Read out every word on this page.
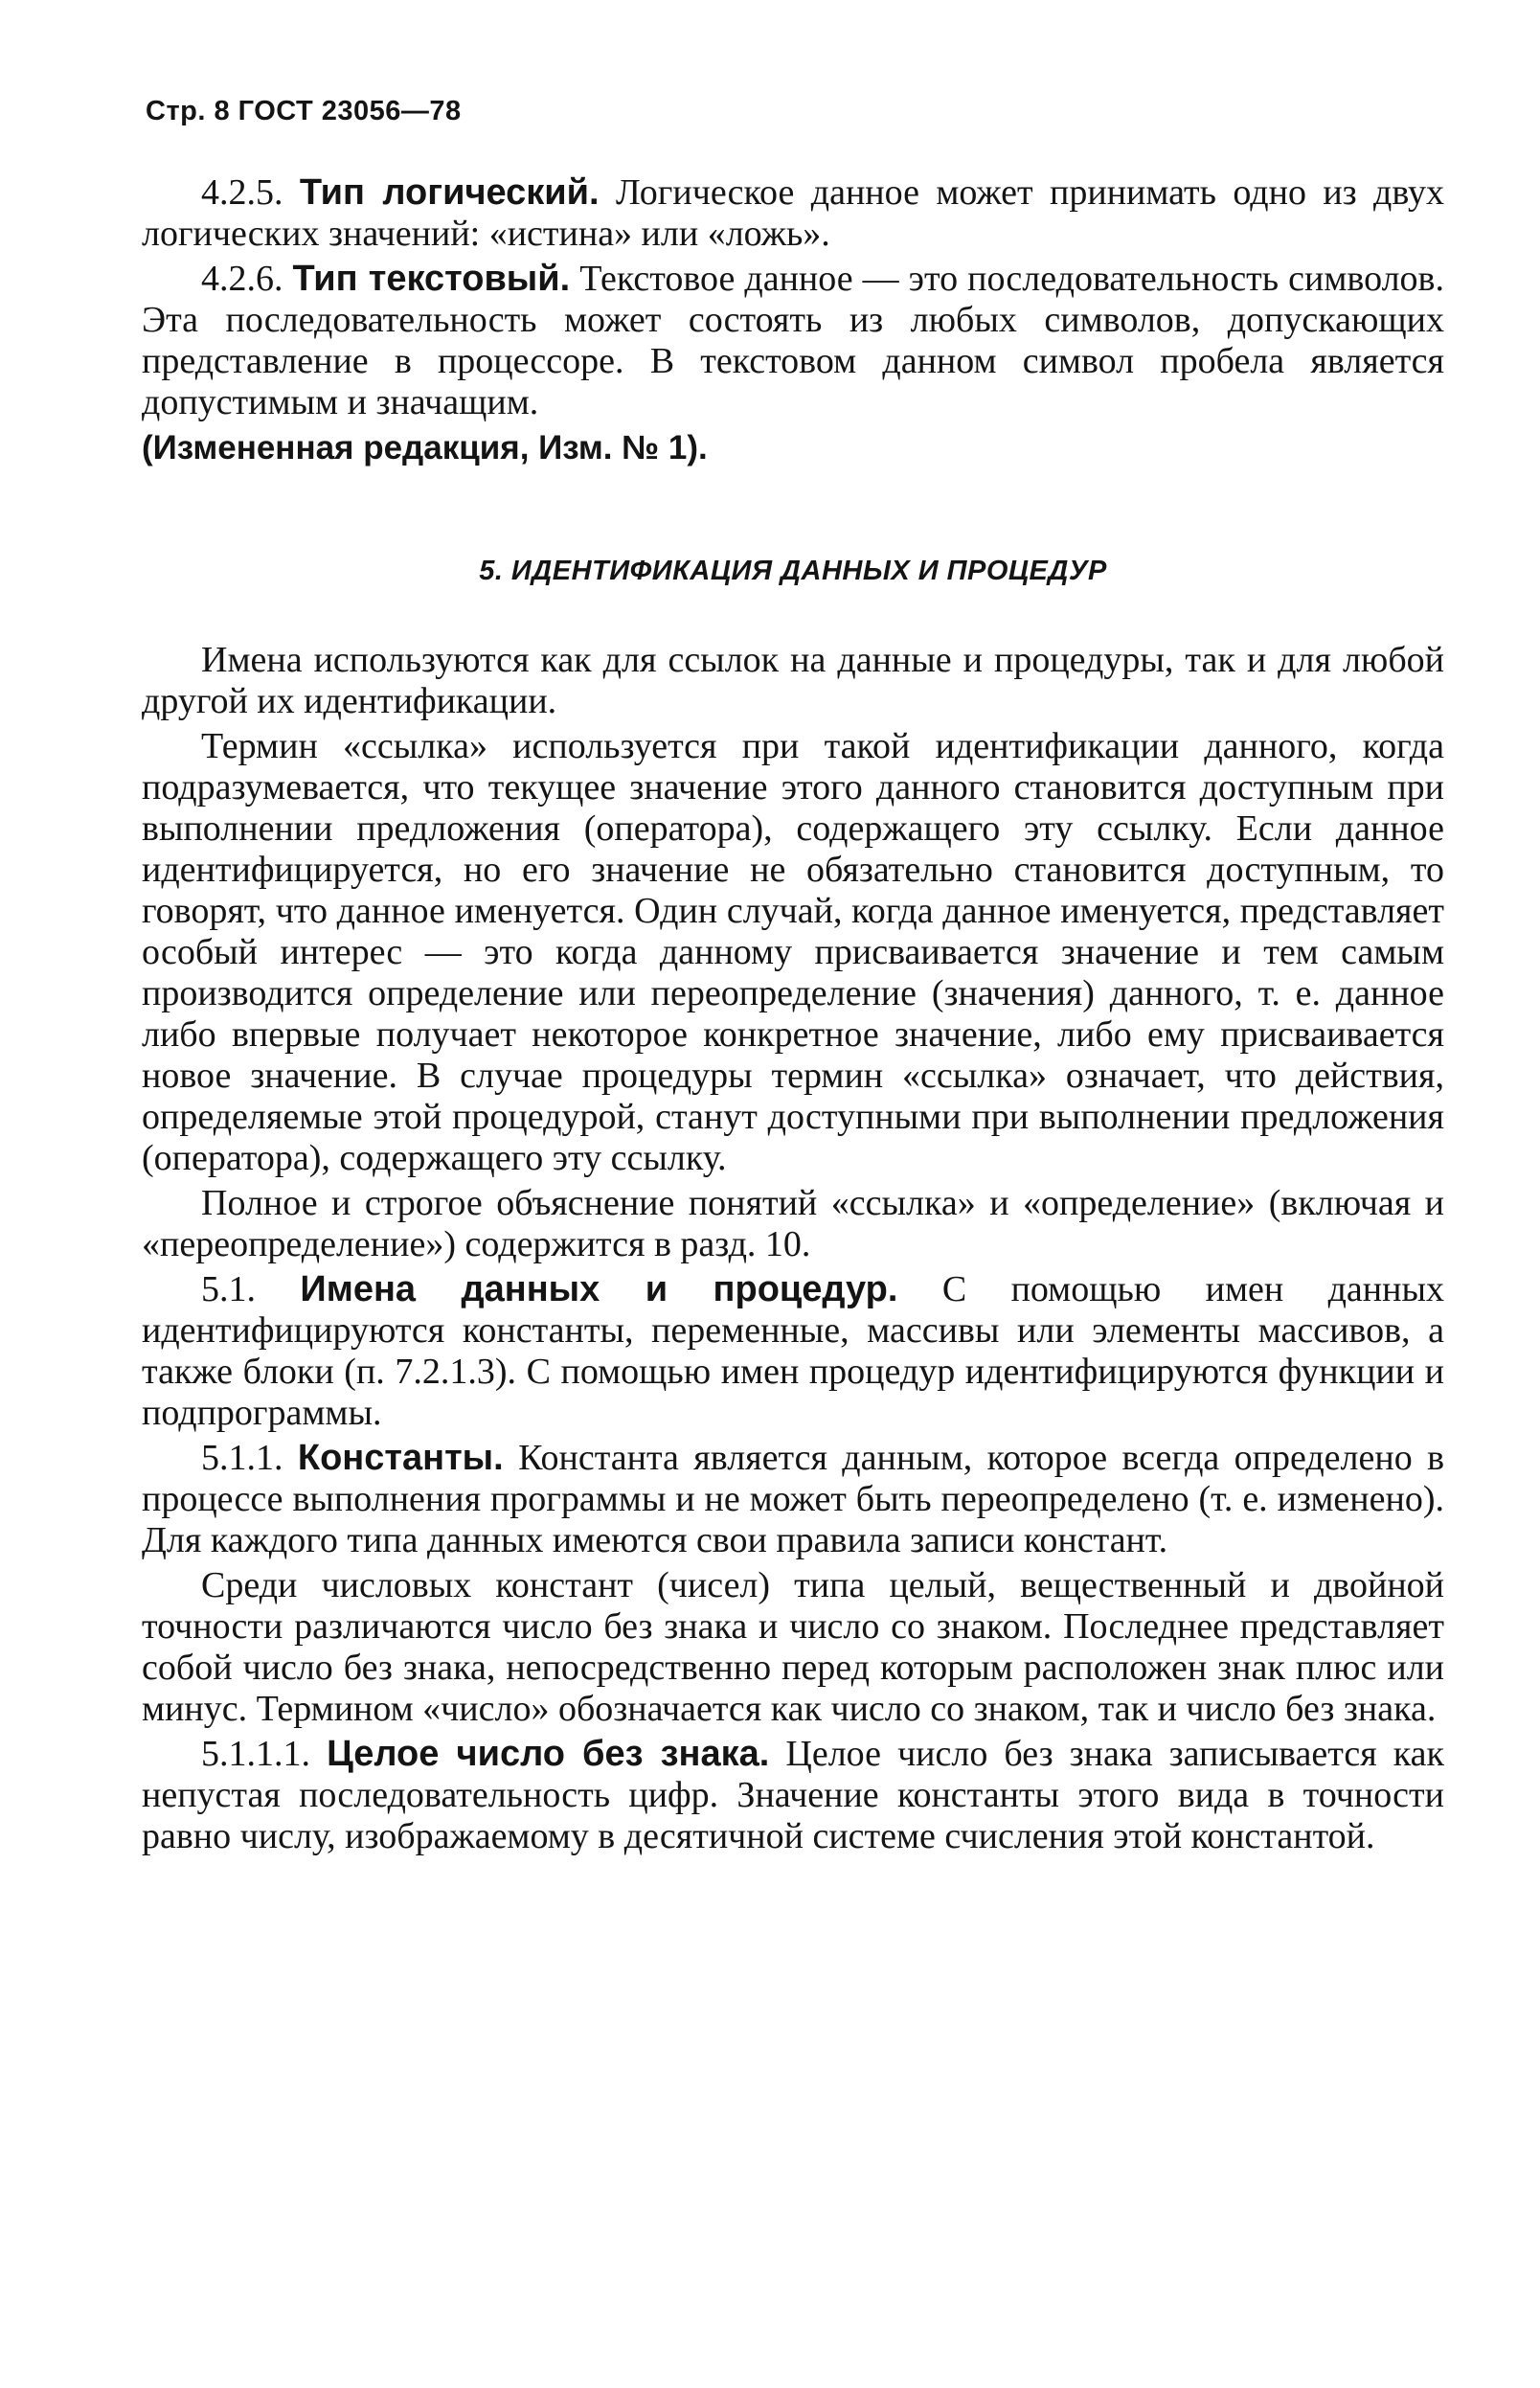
Стр. 8 ГОСТ 23056—78

4.2.5. Тип логический. Логическое данное может принимать одно из двух логических значений: «истина» или «ложь».

4.2.6. Тип текстовый. Текстовое данное — это последовательность символов. Эта последовательность может состоять из любых символов, допускающих представление в процессоре. В текстовом данном символ пробела является допустимым и значащим.

(Измененная редакция, Изм. № 1).

5. ИДЕНТИФИКАЦИЯ ДАННЫХ И ПРОЦЕДУР

Имена используются как для ссылок на данные и процедуры, так и для любой другой их идентификации.

Термин «ссылка» используется при такой идентификации данного, когда подразумевается, что текущее значение этого данного становится доступным при выполнении предложения (оператора), содержащего эту ссылку. Если данное идентифицируется, но его значение не обязательно становится доступным, то говорят, что данное именуется. Один случай, когда данное именуется, представляет особый интерес — это когда данному присваивается значение и тем самым производится определение или переопределение (значения) данного, т. е. данное либо впервые получает некоторое конкретное значение, либо ему присваивается новое значение. В случае процедуры термин «ссылка» означает, что действия, определяемые этой процедурой, станут доступными при выполнении предложения (оператора), содержащего эту ссылку.

Полное и строгое объяснение понятий «ссылка» и «определение» (включая и «переопределение») содержится в разд. 10.

5.1. Имена данных и процедур. С помощью имен данных идентифицируются константы, переменные, массивы или элементы массивов, а также блоки (п. 7.2.1.3). С помощью имен процедур идентифицируются функции и подпрограммы.

5.1.1. Константы. Константа является данным, которое всегда определено в процессе выполнения программы и не может быть переопределено (т. е. изменено). Для каждого типа данных имеются свои правила записи констант.

Среди числовых констант (чисел) типа целый, вещественный и двойной точности различаются число без знака и число со знаком. Последнее представляет собой число без знака, непосредственно перед которым расположен знак плюс или минус. Термином «число» обозначается как число со знаком, так и число без знака.

5.1.1.1. Целое число без знака. Целое число без знака записывается как непустая последовательность цифр. Значение константы этого вида в точности равно числу, изображаемому в десятичной системе счисления этой константой.
